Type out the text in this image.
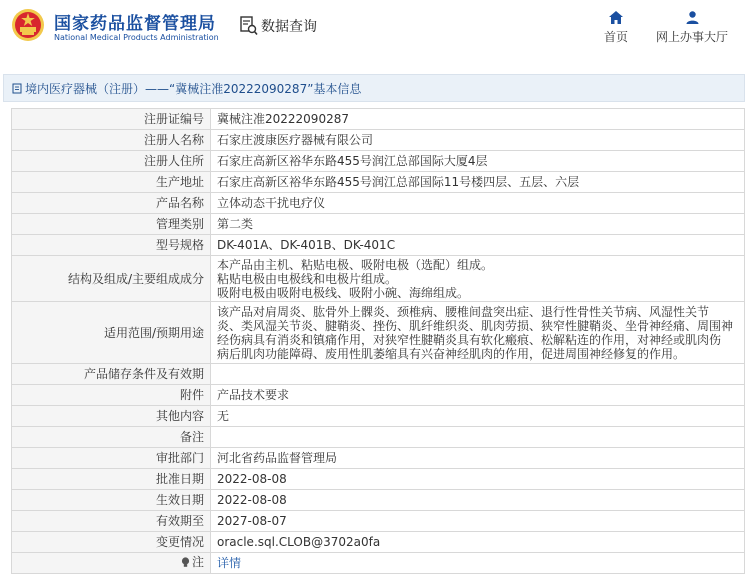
国家药品监督管理局
National Medical Products Administration
数据查询
首页	网上办事大厅
境内医疗器械（注册）——“冀械注准20222090287”基本信息
注册证编号	冀械注准20222090287

注册人名称	石家庄渡康医疗器械有限公司

注册人住所	石家庄高新区裕华东路455号润江总部国际大厦4层

生产地址	石家庄高新区裕华东路455号润江总部国际11号楼四层、五层、六层

产品名称	立体动态干扰电疗仪

管理类别	第二类

型号规格	DK-401A、DK-401B、DK-401C

结构及组成/主要组成成分	本产品由主机、粘贴电极、吸附电极（选配）组成。
粘贴电极由电极线和电极片组成。
吸附电极由吸附电极线、吸附小碗、海绵组成。

适用范围/预期用途	该产品对肩周炎、肱骨外上髁炎、颈椎病、腰椎间盘突出症、退行性骨性关节病、风湿性关节
炎、类风湿关节炎、腱鞘炎、挫伤、肌纤维织炎、肌肉劳损、狭窄性腱鞘炎、坐骨神经痛、周围神
经伤病具有消炎和镇痛作用，对狭窄性腱鞘炎具有软化瘢痕、松解粘连的作用，对神经或肌肉伤
病后肌肉功能障碍、废用性肌萎缩具有兴奋神经肌肉的作用，促进周围神经修复的作用。

产品储存条件及有效期	
附件	产品技术要求

其他内容	无

备注	
审批部门	河北省药品监督管理局

批准日期	2022-08-08

生效日期	2022-08-08

有效期至	2027-08-07

变更情况	oracle.sql.CLOB@3702a0fa

注	详情
